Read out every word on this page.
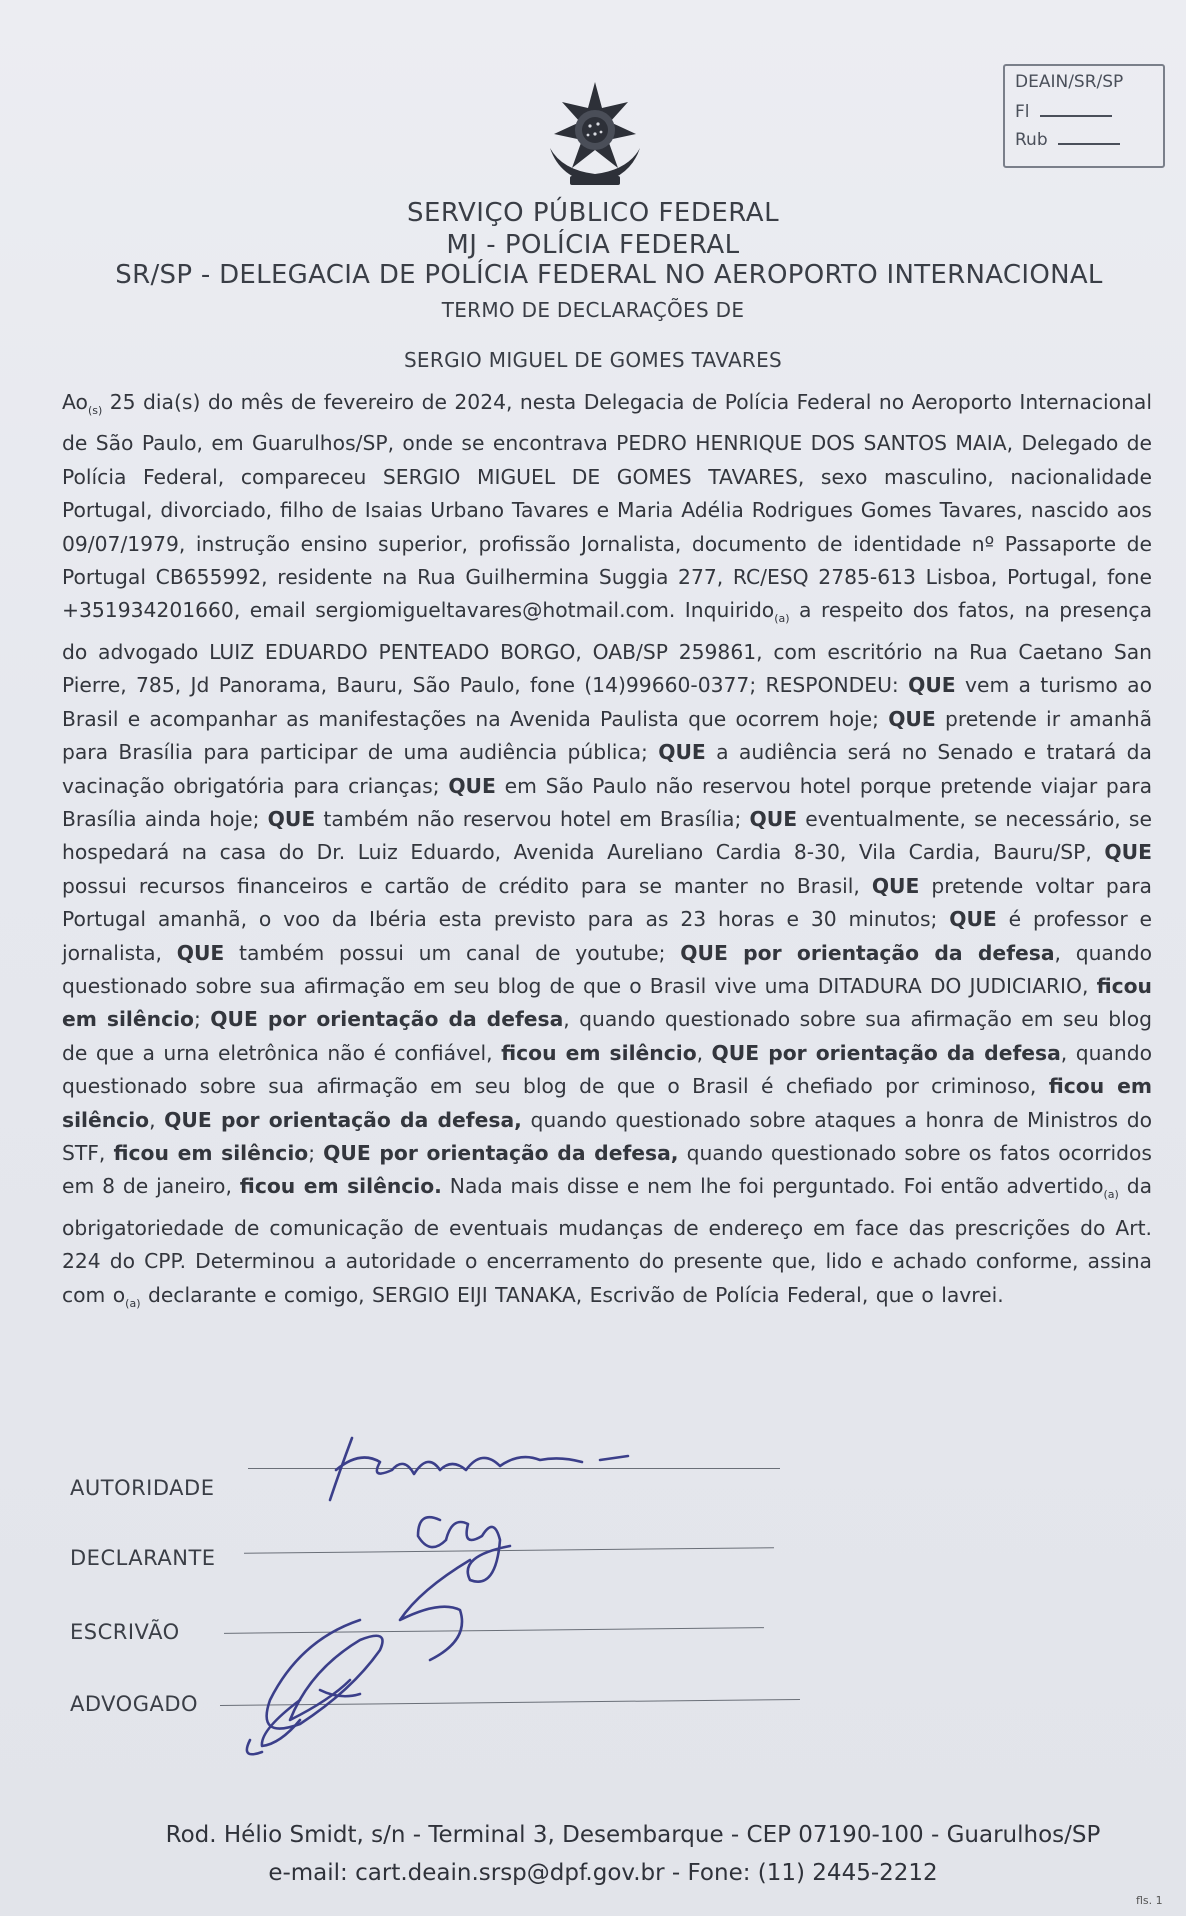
DEAIN/SR/SP
Fl
Rub
SERVIÇO PÚBLICO FEDERAL
MJ - POLÍCIA FEDERAL
SR/SP - DELEGACIA DE POLÍCIA FEDERAL NO AEROPORTO INTERNACIONAL
TERMO DE DECLARAÇÕES DE
SERGIO MIGUEL DE GOMES TAVARES

$Ao_{(s)}$ 25 dia(s) do mês de fevereiro de 2024, nesta Delegacia de Polícia Federal no Aeroporto Internacional de São Paulo, em Guarulhos/SP, onde se encontrava PEDRO HENRIQUE DOS SANTOS MAIA, Delegado de Polícia Federal, compareceu SERGIO MIGUEL DE GOMES TAVARES, sexo masculino, nacionalidade Portugal, divorciado, filho de Isaias Urbano Tavares e Maria Adélia Rodrigues Gomes Tavares, nascido aos 09/07/1979, instrução ensino superior, profissão Jornalista, documento de identidade nº Passaporte de Portugal CB655992, residente na Rua Guilhermina Suggia 277, RC/ESQ 2785-613 Lisboa, Portugal, fone +351934201660, email sergiomigueltavares@hotmail.com. Inquirido$_{(a)}$ a respeito dos fatos, na presença do advogado LUIZ EDUARDO PENTEADO BORGO, OAB/SP 259861, com escritório na Rua Caetano San Pierre, 785, Jd Panorama, Bauru, São Paulo, fone (14)99660-0377; RESPONDEU: QUE vem a turismo ao Brasil e acompanhar as manifestações na Avenida Paulista que ocorrem hoje; QUE pretende ir amanhã para Brasília para participar de uma audiência pública; QUE a audiência será no Senado e tratará da vacinação obrigatória para crianças; QUE em São Paulo não reservou hotel porque pretende viajar para Brasília ainda hoje; QUE também não reservou hotel em Brasília; QUE eventualmente, se necessário, se hospedará na casa do Dr. Luiz Eduardo, Avenida Aureliano Cardia 8-30, Vila Cardia, Bauru/SP, QUE possui recursos financeiros e cartão de crédito para se manter no Brasil, QUE pretende voltar para Portugal amanhã, o voo da Ibéria esta previsto para as 23 horas e 30 minutos; QUE é professor e jornalista, QUE também possui um canal de youtube; QUE por orientação da defesa, quando questionado sobre sua afirmação em seu blog de que o Brasil vive uma DITADURA DO JUDICIARIO, ficou em silêncio; QUE por orientação da defesa, quando questionado sobre sua afirmação em seu blog de que a urna eletrônica não é confiável, ficou em silêncio, QUE por orientação da defesa, quando questionado sobre sua afirmação em seu blog de que o Brasil é chefiado por criminoso, ficou em silêncio, QUE por orientação da defesa, quando questionado sobre ataques a honra de Ministros do STF, ficou em silêncio; QUE por orientação da defesa, quando questionado sobre os fatos ocorridos em 8 de janeiro, ficou em silêncio. Nada mais disse e nem lhe foi perguntado. Foi então advertido$_{(a)}$ da obrigatoriedade de comunicação de eventuais mudanças de endereço em face das prescrições do Art. 224 do CPP. Determinou a autoridade o encerramento do presente que, lido e achado conforme, assina com $o_{(a)}$ declarante e comigo, SERGIO EIJI TANAKA, Escrivão de Polícia Federal, que o lavrei.

AUTORIDADE
DECLARANTE
ESCRIVÃO
ADVOGADO
Rod. Hélio Smidt, s/n - Terminal 3, Desembarque - CEP 07190-100 - Guarulhos/SP
e-mail: cart.deain.srsp@dpf.gov.br - Fone: (11) 2445-2212
fls. 1
